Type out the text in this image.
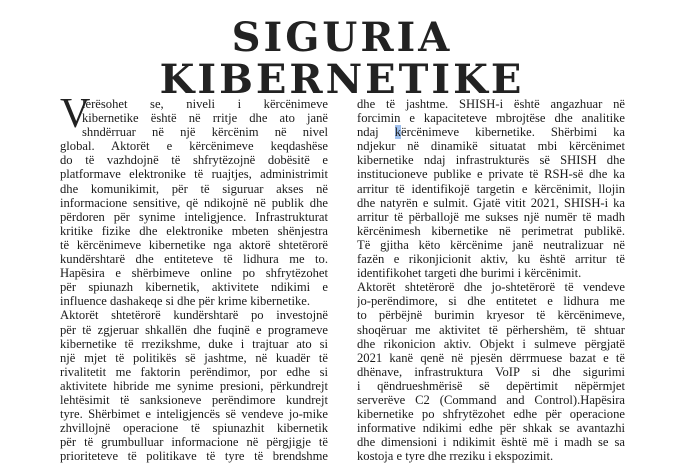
SIGURIA
KIBERNETIKE
V
lerësohet se, niveli i kërcënimeve
kibernetike është në rritje dhe ato janë
shndërruar në një kërcënim në nivel
global. Aktorët e kërcënimeve keqdashëse
do të vazhdojnë të shfrytëzojnë dobësitë e
platformave elektronike të ruajtjes, administrimit
dhe komunikimit, për të siguruar akses në
informacione sensitive, që ndikojnë në publik dhe
përdoren për synime inteligjence. Infrastrukturat
kritike fizike dhe elektronike mbeten shënjestra
të kërcënimeve kibernetike nga aktorë shtetërorë
kundërshtarë dhe entiteteve të lidhura me to.
Hapësira e shërbimeve online po shfrytëzohet
për spiunazh kibernetik, aktivitete ndikimi e
influence dashakeqe si dhe për krime kibernetike.
Aktorët shtetërorë kundërshtarë po investojnë
për të zgjeruar shkallën dhe fuqinë e programeve
kibernetike të rrezikshme, duke i trajtuar ato si
një mjet të politikës së jashtme, në kuadër të
rivalitetit me faktorin perëndimor, por edhe si
aktivitete hibride me synime presioni, përkundrejt
lehtësimit të sanksioneve perëndimore kundrejt
tyre. Shërbimet e inteligjencës së vendeve jo-mike
zhvillojnë operacione të spiunazhit kibernetik
për të grumbulluar informacione në përgjigje të
prioriteteve të politikave të tyre të brendshme
dhe të jashtme. SHISH-i është angazhuar në
forcimin e kapaciteteve mbrojtëse dhe analitike
ndaj kërcënimeve kibernetike. Shërbimi ka
ndjekur në dinamikë situatat mbi kërcënimet
kibernetike ndaj infrastrukturës së SHISH dhe
institucioneve publike e private të RSH-së dhe ka
arritur të identifikojë targetin e kërcënimit, llojin
dhe natyrën e sulmit. Gjatë vitit 2021, SHISH-i ka
arritur të përballojë me sukses një numër të madh
kërcënimesh kibernetike në perimetrat publikë.
Të gjitha këto kërcënime janë neutralizuar në
fazën e rikonjicionit aktiv, ku është arritur të
identifikohet targeti dhe burimi i kërcënimit.
Aktorët shtetërorë dhe jo-shtetërorë të vendeve
jo-perëndimore, si dhe entitetet e lidhura me
to përbëjnë burimin kryesor të kërcënimeve,
shoqëruar me aktivitet të përhershëm, të shtuar
dhe rikonicion aktiv. Objekt i sulmeve përgjatë
2021 kanë qenë në pjesën dërrmuese bazat e të
dhënave, infrastruktura VoIP si dhe sigurimi
i qëndrueshmërisë së depërtimit nëpërmjet
serverëve C2 (Command and Control).Hapësira
kibernetike po shfrytëzohet edhe për operacione
informative ndikimi edhe për shkak se avantazhi
dhe dimensioni i ndikimit është më i madh se sa
kostoja e tyre dhe rreziku i ekspozimit.
